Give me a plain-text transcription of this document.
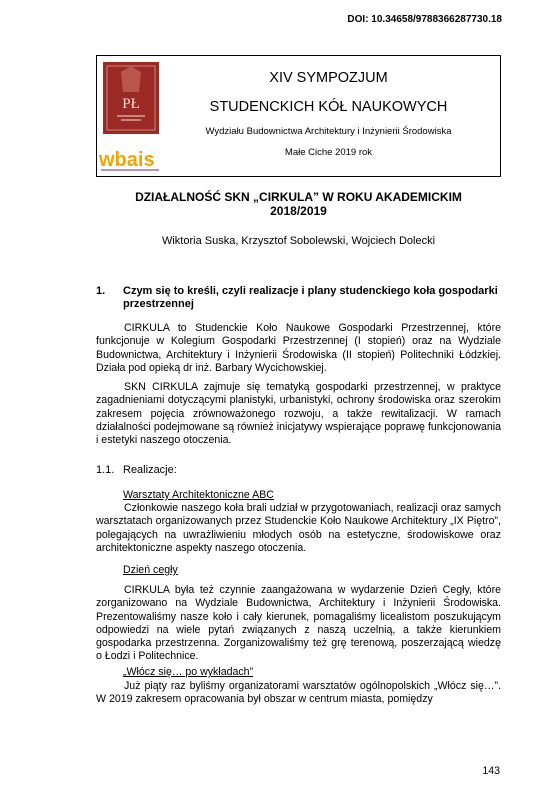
DOI: 10.34658/9788366287730.18
PŁ
wbais
XIV SYMPOZJUM
STUDENCKICH KÓŁ NAUKOWYCH
Wydziału Budownictwa Architektury i Inżynierii Środowiska
Małe Ciche 2019 rok
DZIAŁALNOŚĆ SKN „CIRKULA” W ROKU AKADEMICKIM
2018/2019
Wiktoria Suska, Krzysztof Sobolewski, Wojciech Dolecki
1. Czym się to kreśli, czyli realizacje i plany studenckiego koła gospodarki przestrzennej

CIRKULA to Studenckie Koło Naukowe Gospodarki Przestrzennej, które funkcjonuje w Kolegium Gospodarki Przestrzennej (I stopień) oraz na Wydziale Budownictwa, Architektury i Inżynierii Środowiska (II stopień) Politechniki Łódzkiej. Działa pod opieką dr inż. Barbary Wycichowskiej.

SKN CIRKULA zajmuje się tematyką gospodarki przestrzennej, w praktyce zagadnieniami dotyczącymi planistyki, urbanistyki, ochrony środowiska oraz szerokim zakresem pojęcia zrównoważonego rozwoju, a także rewitalizacji. W ramach działalności podejmowane są również inicjatywy wspierające poprawę funkcjonowania i estetyki naszego otoczenia.

1.1. Realizacje:
Warsztaty Architektoniczne ABC

Członkowie naszego koła brali udział w przygotowaniach, realizacji oraz samych warsztatach organizowanych przez Studenckie Koło Naukowe Architektury „IX Piętro”, polegających na uwrażliwieniu młodych osób na estetyczne, środowiskowe oraz architektoniczne aspekty naszego otoczenia.

Dzień cegły

CIRKULA była też czynnie zaangażowana w wydarzenie Dzień Cegły, które zorganizowano na Wydziale Budownictwa, Architektury i Inżynierii Środowiska. Prezentowaliśmy nasze koło i cały kierunek, pomagaliśmy licealistom poszukującym odpowiedzi na wiele pytań związanych z naszą uczelnią, a także kierunkiem gospodarka przestrzenna. Zorganizowaliśmy też grę terenową, poszerzającą wiedzę o Łodzi i Politechnice.

„Włócz się… po wykładach”

Już piąty raz byliśmy organizatorami warsztatów ogólnopolskich „Włócz się…”. W 2019 zakresem opracowania był obszar w centrum miasta, pomiędzy

143
